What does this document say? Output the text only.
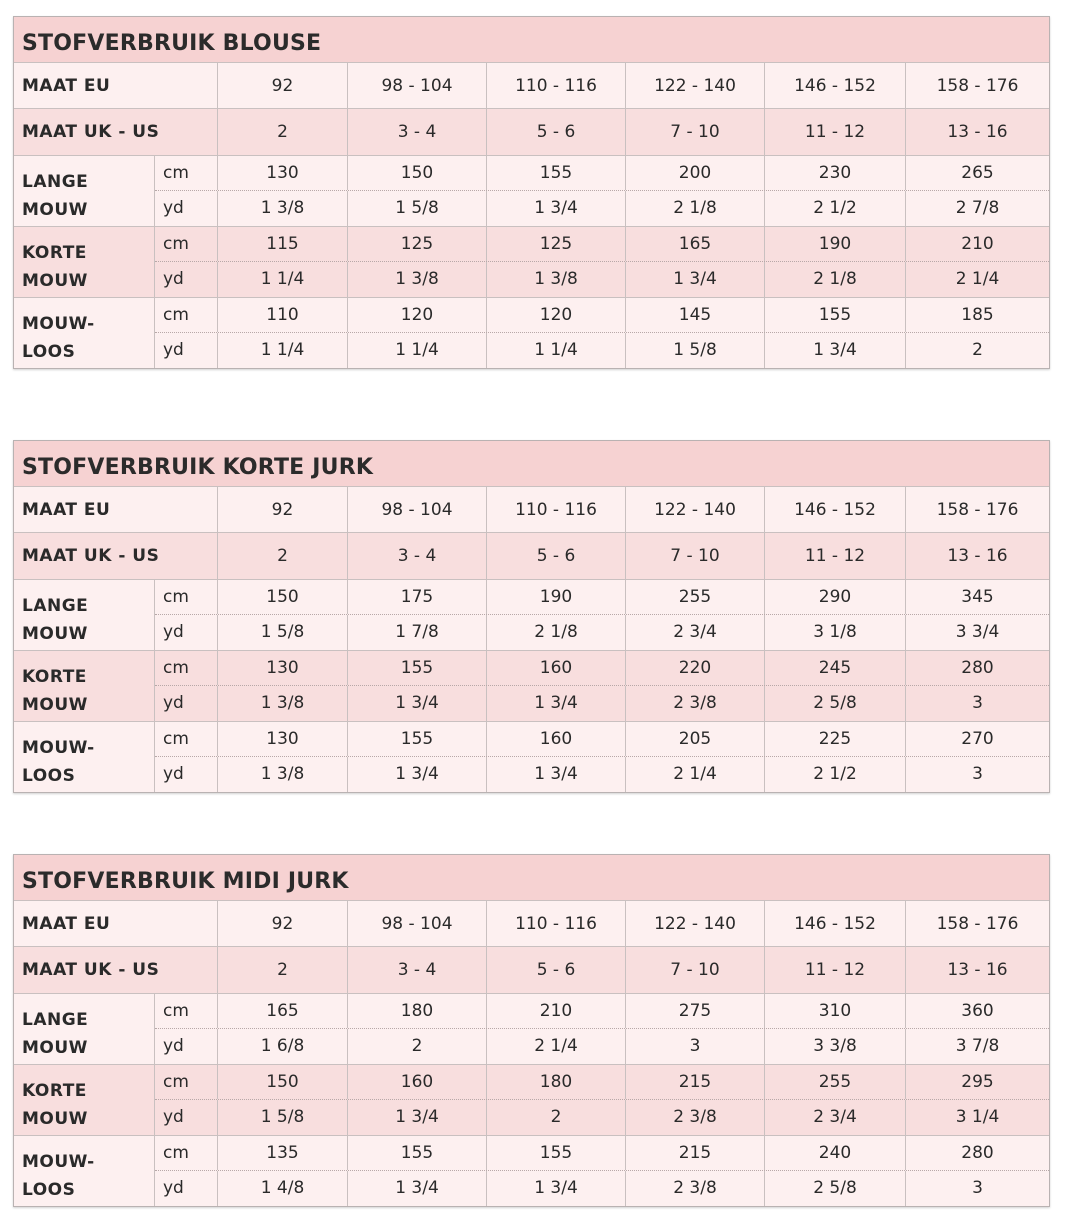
STOFVERBRUIK BLOUSE
MAAT EU	92	98 - 104	110 - 116	122 - 140	146 - 152	158 - 176
MAAT UK - US	2	3 - 4	5 - 6	7 - 10	11 - 12	13 - 16
LANGE
MOUW
cm	130	150	155	200	230	265
yd	1 3/8	1 5/8	1 3/4	2 1/8	2 1/2	2 7/8
KORTE
MOUW
cm	115	125	125	165	190	210
yd	1 1/4	1 3/8	1 3/8	1 3/4	2 1/8	2 1/4
MOUW-
LOOS
cm	110	120	120	145	155	185
yd	1 1/4	1 1/4	1 1/4	1 5/8	1 3/4	2
STOFVERBRUIK KORTE JURK
MAAT EU	92	98 - 104	110 - 116	122 - 140	146 - 152	158 - 176
MAAT UK - US	2	3 - 4	5 - 6	7 - 10	11 - 12	13 - 16
LANGE
MOUW
cm	150	175	190	255	290	345
yd	1 5/8	1 7/8	2 1/8	2 3/4	3 1/8	3 3/4
KORTE
MOUW
cm	130	155	160	220	245	280
yd	1 3/8	1 3/4	1 3/4	2 3/8	2 5/8	3
MOUW-
LOOS
cm	130	155	160	205	225	270
yd	1 3/8	1 3/4	1 3/4	2 1/4	2 1/2	3
STOFVERBRUIK MIDI JURK
MAAT EU	92	98 - 104	110 - 116	122 - 140	146 - 152	158 - 176
MAAT UK - US	2	3 - 4	5 - 6	7 - 10	11 - 12	13 - 16
LANGE
MOUW
cm	165	180	210	275	310	360
yd	1 6/8	2	2 1/4	3	3 3/8	3 7/8
KORTE
MOUW
cm	150	160	180	215	255	295
yd	1 5/8	1 3/4	2	2 3/8	2 3/4	3 1/4
MOUW-
LOOS
cm	135	155	155	215	240	280
yd	1 4/8	1 3/4	1 3/4	2 3/8	2 5/8	3
